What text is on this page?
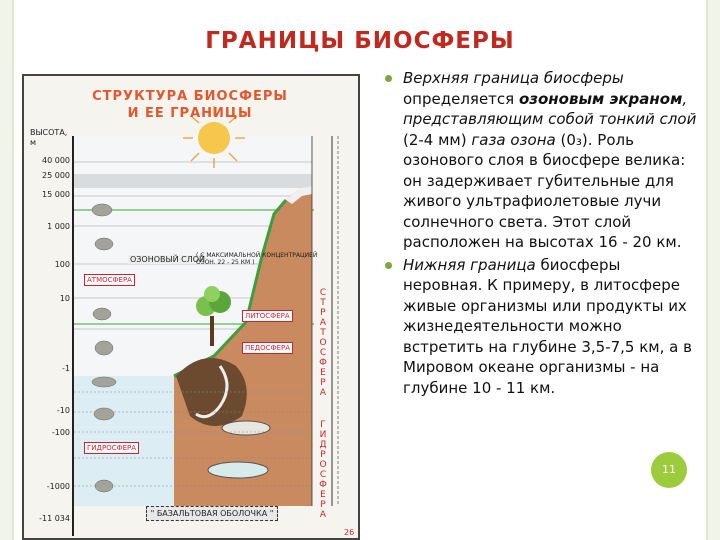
ГРАНИЦЫ БИОСФЕРЫ
СТРУКТУРА БИОСФЕРЫ
И ЕЕ ГРАНИЦЫ
ВЫСОТА,
м
40 000
25 000
15 000
1 000
100
10
-1
-10
-100
-1000
-11 034
ОЗОНОВЫЙ СЛОЙ
( С МАКСИМАЛЬНОЙ КОНЦЕНТРАЦИЕЙ
ОЗОН. 22 - 25 КМ )
АТМОСФЕРА
ЛИТОСФЕРА
ПЕДОСФЕРА
ГИДРОСФЕРА
С
Т
Р
А
Т
О
С
Ф
Е
Р
А
Г
И
Д
Р
О
С
Ф
Е
Р
А
" БАЗАЛЬТОВАЯ ОБОЛОЧКА "
26

Верхняя граница биосферы определяется озоновым экраном, представляющим собой тонкий слой (2-4 мм) газа озона (0₃). Роль озонового слоя в биосфере велика: он задерживает губительные для живого ультрафиолетовые лучи солнечного света. Этот слой расположен на высотах 16 - 20 км.

Нижняя граница биосферы неровная. К примеру, в литосфере живые организмы или продукты их жизнедеятельности можно встретить на глубине 3,5-7,5 км, а в Мировом океане организмы - на глубине 10 - 11 км.

11
